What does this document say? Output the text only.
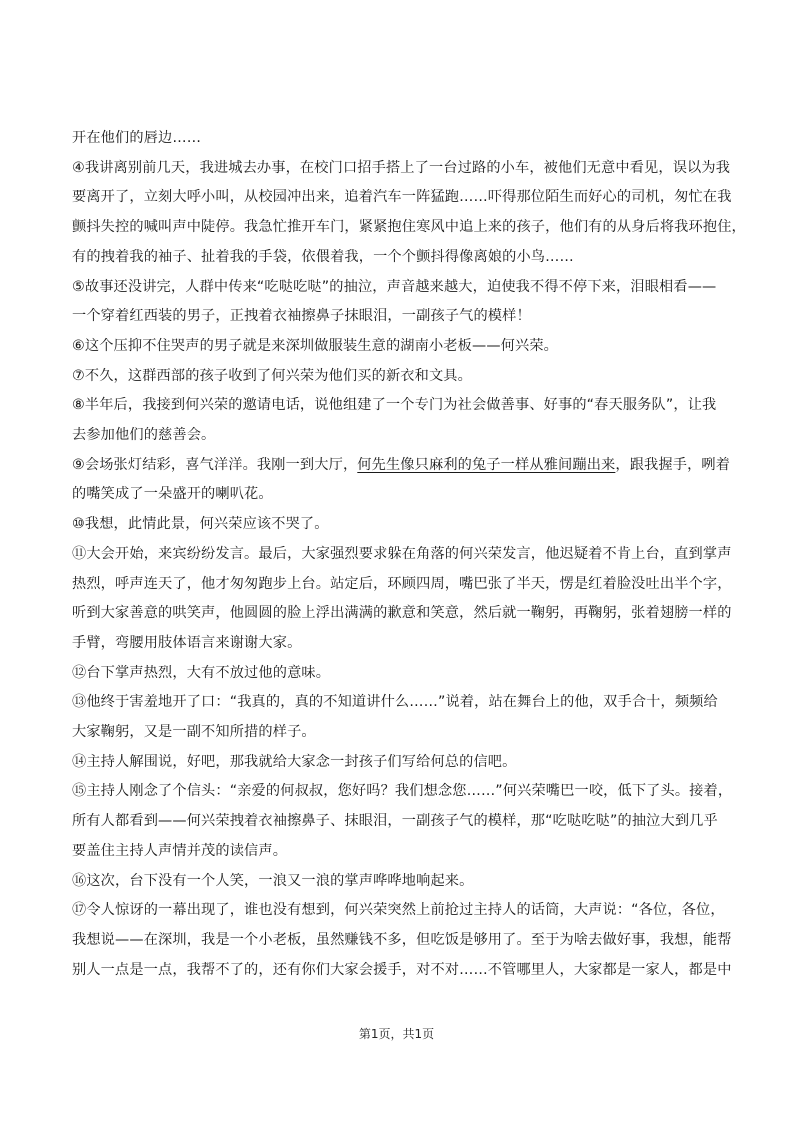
开在他们的唇边……
④我讲离别前几天，我进城去办事，在校门口招手搭上了一台过路的小车，被他们无意中看见，误以为我
要离开了，立刻大呼小叫，从校园冲出来，追着汽车一阵猛跑……吓得那位陌生而好心的司机，匆忙在我
颤抖失控的喊叫声中陡停。我急忙推开车门，紧紧抱住寒风中追上来的孩子，他们有的从身后将我环抱住，
有的拽着我的袖子、扯着我的手袋，依偎着我，一个个颤抖得像离娘的小鸟……
⑤故事还没讲完，人群中传来“吃哒吃哒”的抽泣，声音越来越大，迫使我不得不停下来，泪眼相看——
一个穿着红西装的男子，正拽着衣袖擦鼻子抹眼泪，一副孩子气的模样！
⑥这个压抑不住哭声的男子就是来深圳做服装生意的湖南小老板——何兴荣。
⑦不久，这群西部的孩子收到了何兴荣为他们买的新衣和文具。
⑧半年后，我接到何兴荣的邀请电话，说他组建了一个专门为社会做善事、好事的“春天服务队”，让我
去参加他们的慈善会。
⑨会场张灯结彩，喜气洋洋。我刚一到大厅，何先生像只麻利的兔子一样从雅间蹦出来，跟我握手，咧着
的嘴笑成了一朵盛开的喇叭花。
⑩我想，此情此景，何兴荣应该不哭了。
⑪大会开始，来宾纷纷发言。最后，大家强烈要求躲在角落的何兴荣发言，他迟疑着不肯上台，直到掌声
热烈，呼声连天了，他才匆匆跑步上台。站定后，环顾四周，嘴巴张了半天，愣是红着脸没吐出半个字，
听到大家善意的哄笑声，他圆圆的脸上浮出满满的歉意和笑意，然后就一鞠躬，再鞠躬，张着翅膀一样的
手臂，弯腰用肢体语言来谢谢大家。
⑫台下掌声热烈，大有不放过他的意味。
⑬他终于害羞地开了口：“我真的，真的不知道讲什么……”说着，站在舞台上的他，双手合十，频频给
大家鞠躬，又是一副不知所措的样子。
⑭主持人解围说，好吧，那我就给大家念一封孩子们写给何总的信吧。
⑮主持人刚念了个信头：“亲爱的何叔叔，您好吗？我们想念您……”何兴荣嘴巴一咬，低下了头。接着，
所有人都看到——何兴荣拽着衣袖擦鼻子、抹眼泪，一副孩子气的模样，那“吃哒吃哒”的抽泣大到几乎
要盖住主持人声情并茂的读信声。
⑯这次，台下没有一个人笑，一浪又一浪的掌声哗哗地响起来。
⑰令人惊讶的一幕出现了，谁也没有想到，何兴荣突然上前抢过主持人的话筒，大声说：“各位，各位，
我想说——在深圳，我是一个小老板，虽然赚钱不多，但吃饭是够用了。至于为啥去做好事，我想，能帮
别人一点是一点，我帮不了的，还有你们大家会援手，对不对……不管哪里人，大家都是一家人，都是中
第1页，共1页
